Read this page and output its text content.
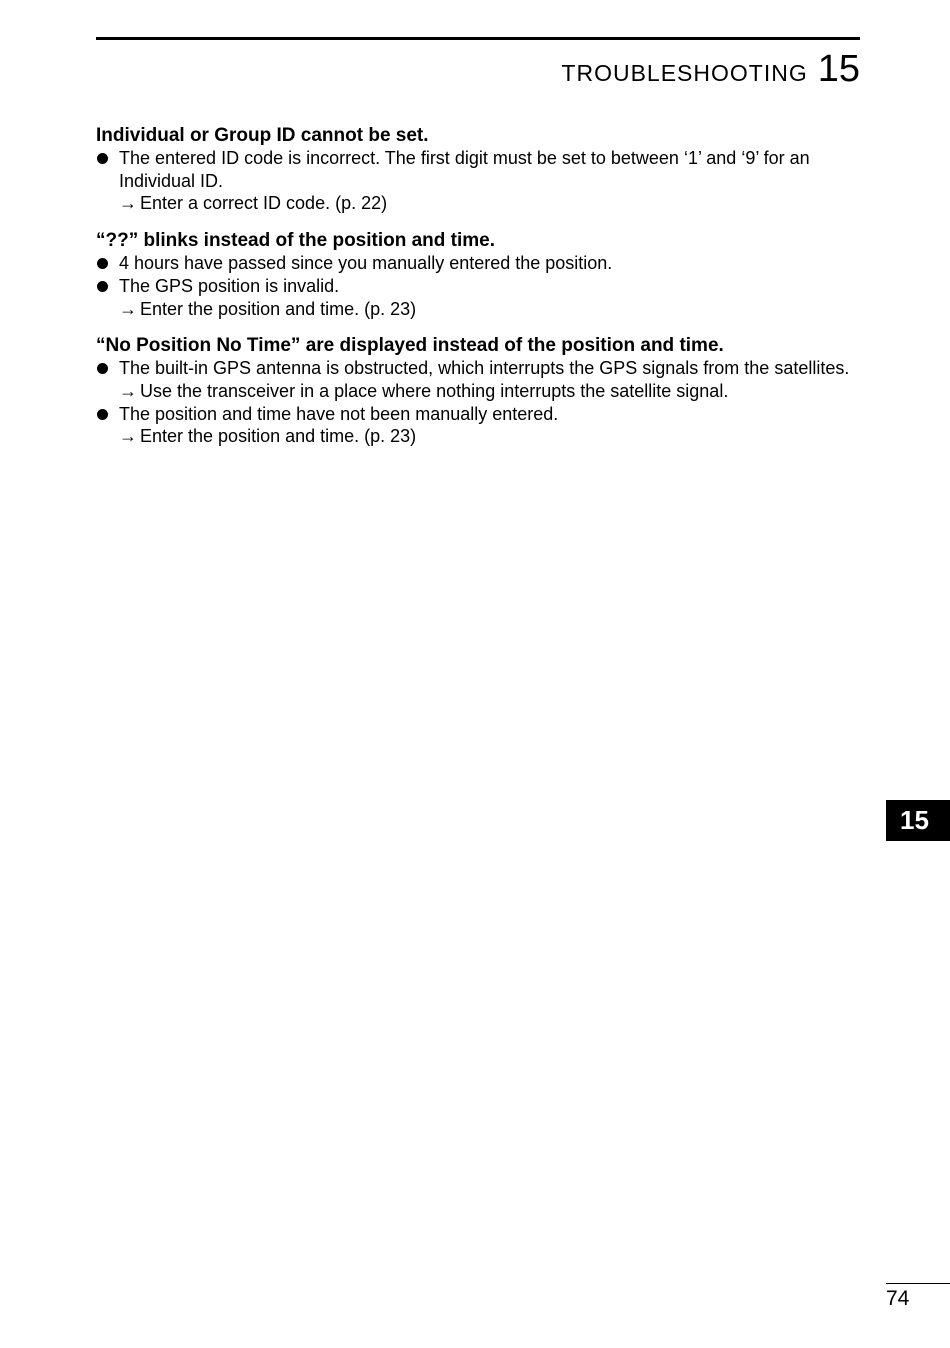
TROUBLESHOOTING 15
Individual or Group ID cannot be set.
The entered ID code is incorrect. The first digit must be set to between ‘1’ and ‘9’ for an Individual ID.
→ Enter a correct ID code. (p. 22)
“??” blinks instead of the position and time.
4 hours have passed since you manually entered the position.
The GPS position is invalid.
→ Enter the position and time. (p. 23)
“No Position No Time” are displayed instead of the position and time.
The built-in GPS antenna is obstructed, which interrupts the GPS signals from the satellites.
→ Use the transceiver in a place where nothing interrupts the satellite signal.
The position and time have not been manually entered.
→ Enter the position and time. (p. 23)
15
74
